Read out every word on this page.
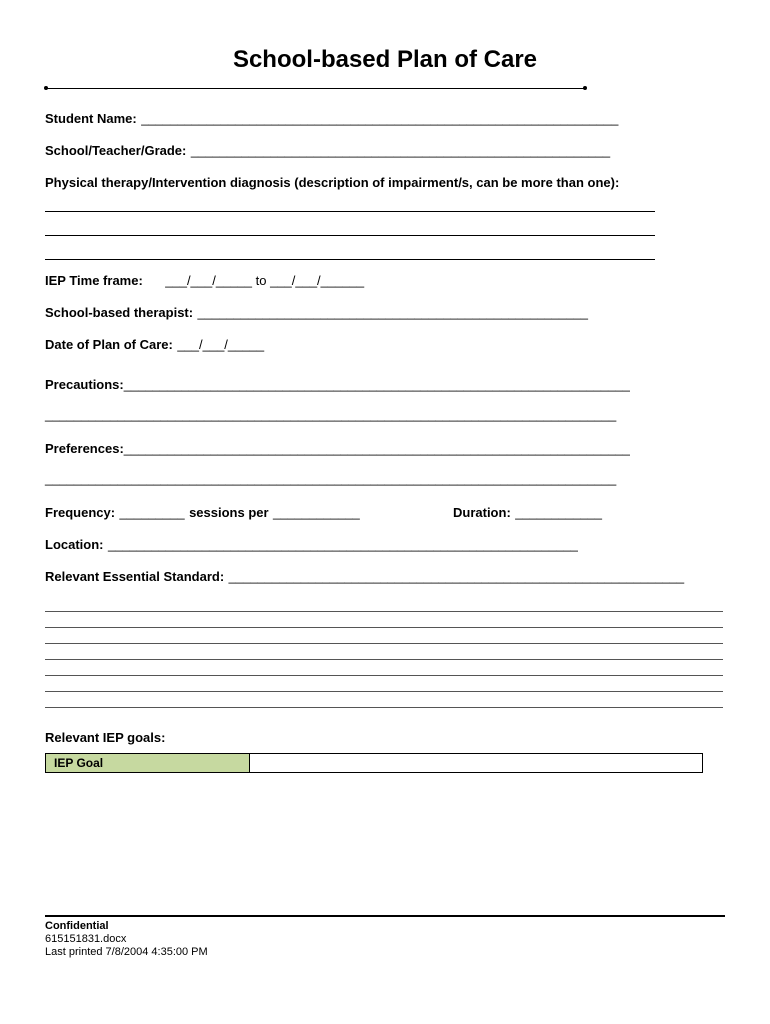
School-based Plan of Care
Student Name: __________________________________________________________________
School/Teacher/Grade: __________________________________________________________
Physical therapy/Intervention diagnosis (description of impairment/s, can be more than one):
IEP Time frame: ___/___/_____ to ___/___/______
School-based therapist: ______________________________________________________
Date of Plan of Care: ___/___/_____
Precautions:______________________________________________________________________
_______________________________________________________________________________
Preferences:______________________________________________________________________
_______________________________________________________________________________
Frequency: _________ sessions per ____________	Duration: ____________
Location: _________________________________________________________________
Relevant Essential Standard: _______________________________________________________________
Relevant IEP goals:
IEP Goal	
Confidential
615151831.docx
Last printed 7/8/2004 4:35:00 PM
